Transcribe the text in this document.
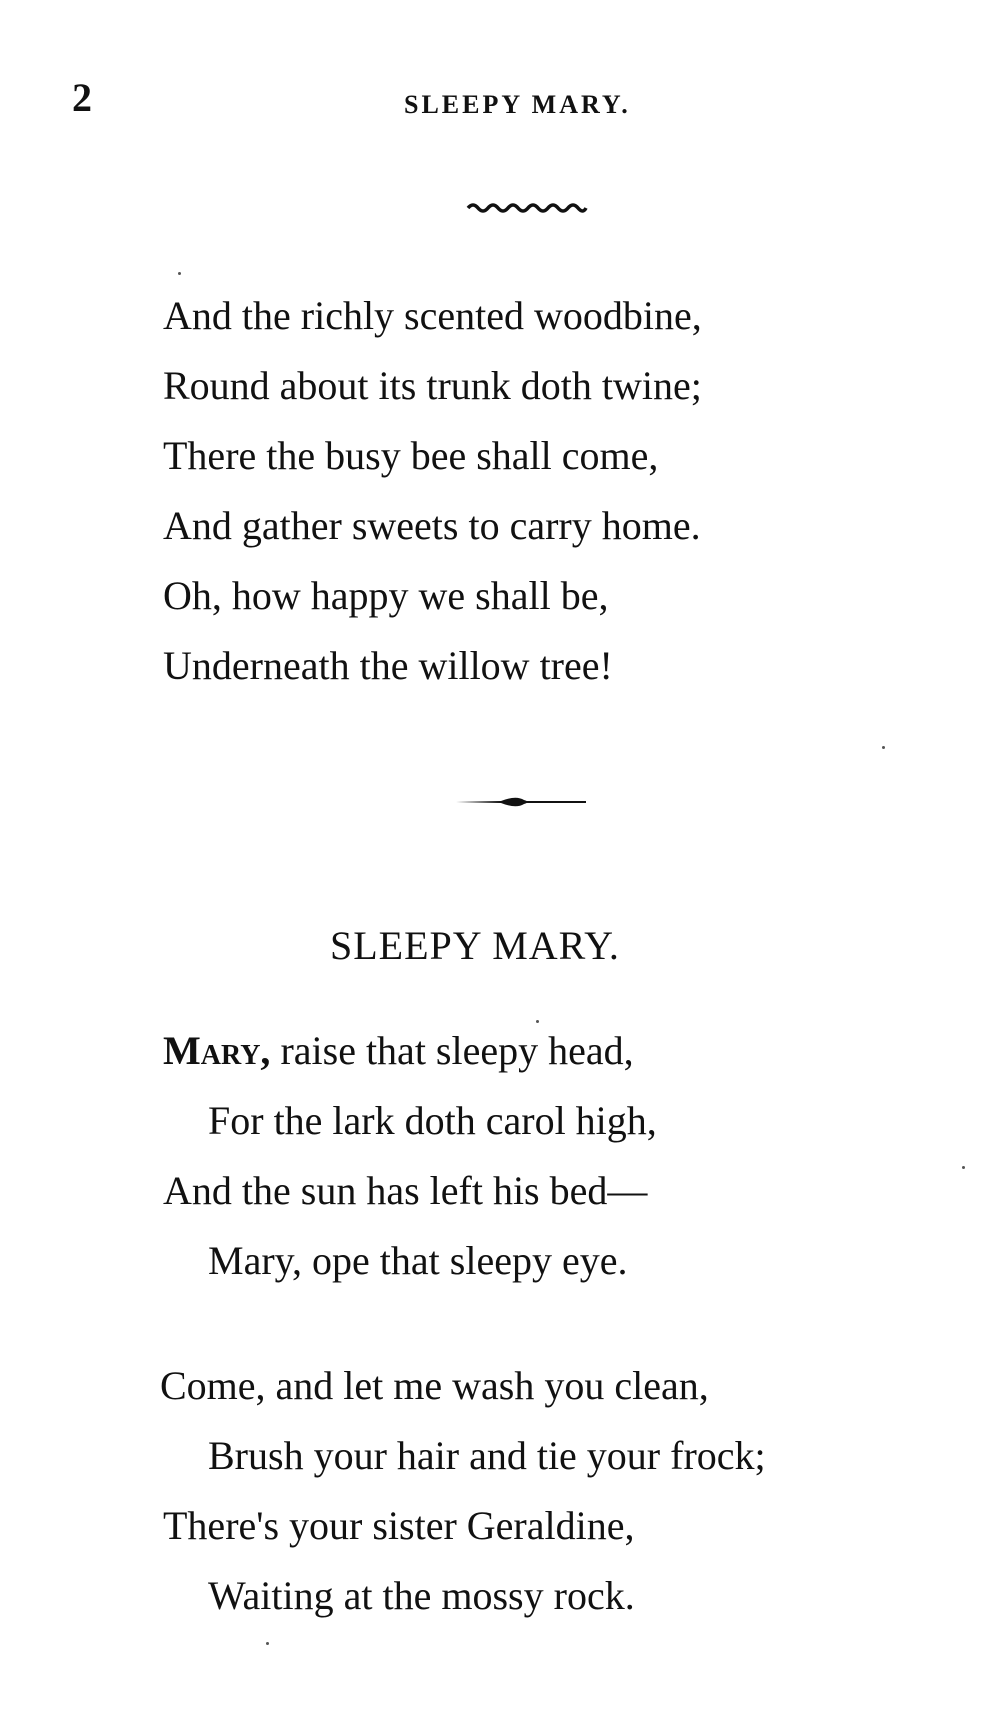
2	SLEEPY MARY.
And the richly scented woodbine,
Round about its trunk doth twine;
There the busy bee shall come,
And gather sweets to carry home.
Oh, how happy we shall be,
Underneath the willow tree!
SLEEPY MARY.
Mary, raise that sleepy head,
For the lark doth carol high,
And the sun has left his bed—
Mary, ope that sleepy eye.
Come, and let me wash you clean,
Brush your hair and tie your frock;
There's your sister Geraldine,
Waiting at the mossy rock.
